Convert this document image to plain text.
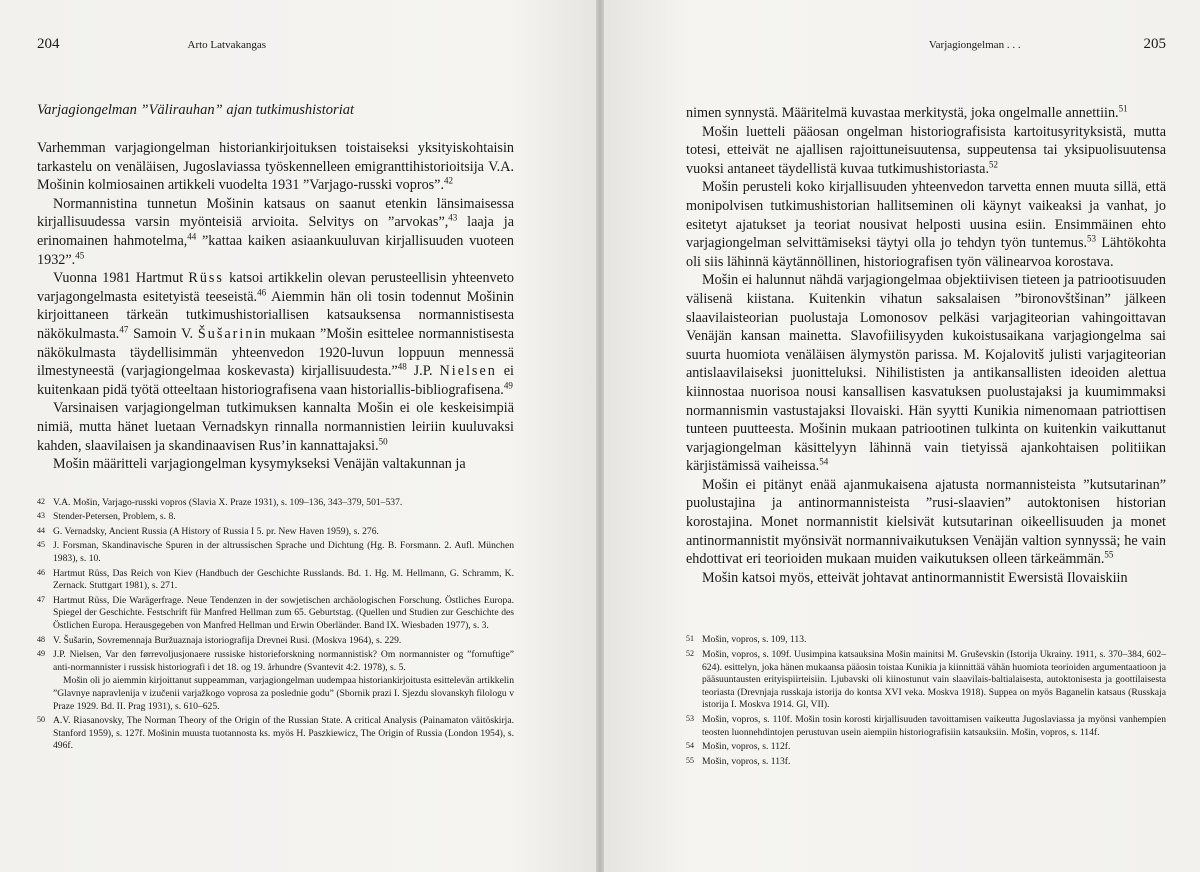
204	Arto Latvakangas
Varjagiongelman ”Välirauhan” ajan tutkimushistoriat

Varhemman varjagiongelman historiankirjoituksen toistaiseksi yksityiskohtaisin tarkastelu on venäläisen, Jugoslaviassa työskennelleen emigranttihistorioitsija V.A. Mošinin kolmiosainen artikkeli vuodelta 1931 ”Varjago-russki vopros”.$^{42}$

Normannistina tunnetun Mošinin katsaus on saanut etenkin länsimaisessa kirjallisuudessa varsin myönteisiä arvioita. Selvitys on ”arvokas”,$^{43}$ laaja ja erinomainen hahmotelma,$^{44}$ ”kattaa kaiken asiaankuuluvan kirjallisuuden vuoteen 1932”.$^{45}$

Vuonna 1981 Hartmut Rüss katsoi artikkelin olevan perusteellisin yhteenveto varjagongelmasta esitetyistä teeseistä.$^{46}$ Aiemmin hän oli tosin todennut Mošinin kirjoittaneen tärkeän tutkimushistoriallisen katsauksensa normannistisesta näkökulmasta.$^{47}$ Samoin V. Šušarinin mukaan ”Mošin esittelee normannistisesta näkökulmasta täydellisimmän yhteenvedon 1920-luvun loppuun mennessä ilmestyneestä (varjagiongelmaa koskevasta) kirjallisuudesta.”$^{48}$ J.P. Nielsen ei kuitenkaan pidä työtä otteeltaan historiografisena vaan historiallis-bibliografisena.$^{49}$

Varsinaisen varjagiongelman tutkimuksen kannalta Mošin ei ole keskeisimpiä nimiä, mutta hänet luetaan Vernadskyn rinnalla normannistien leiriin kuuluvaksi kahden, slaavilaisen ja skandinaavisen Rus’in kannattajaksi.$^{50}$

Mošin määritteli varjagiongelman kysymykseksi Venäjän valtakunnan ja

42 V.A. Mošin, Varjago-russki vopros (Slavia X. Praze 1931), s. 109–136, 343–379, 501–537.
43 Stender-Petersen, Problem, s. 8.
44 G. Vernadsky, Ancient Russia (A History of Russia I 5. pr. New Haven 1959), s. 276.
45 J. Forsman, Skandinavische Spuren in der altrussischen Sprache und Dichtung (Hg. B. Forsmann. 2. Aufl. München 1983), s. 10.
46 Hartmut Rüss, Das Reich von Kiev (Handbuch der Geschichte Russlands. Bd. 1. Hg. M. Hellmann, G. Schramm, K. Zernack. Stuttgart 1981), s. 271.
47 Hartmut Rüss, Die Warägerfrage. Neue Tendenzen in der sowjetischen archäologischen Forschung. Östliches Europa. Spiegel der Geschichte. Festschrift für Manfred Hellman zum 65. Geburtstag. (Quellen und Studien zur Geschichte des Östlichen Europa. Herausgegeben von Manfred Hellman und Erwin Oberländer. Band IX. Wiesbaden 1977), s. 3.
48 V. Šušarin, Sovremennaja Buržuaznaja istoriografija Drevnei Rusi. (Moskva 1964), s. 229.
49 J.P. Nielsen, Var den førrevoljusjonaere russiske historieforskning normannistisk? Om normannister og ”fornuftige” anti-normannister i russisk historiografi i det 18. og 19. århundre (Svantevit 4:2. 1978), s. 5.
Mošin oli jo aiemmin kirjoittanut suppeamman, varjagiongelman uudempaa historiankirjoitusta esittelevän artikkelin ”Glavnye napravlenija v izučenii varjažkogo voprosa za poslednie godu” (Sbornik prazi I. Sjezdu slovanskyh filologu v Praze 1929. Bd. II. Prag 1931), s. 610–625.
50 A.V. Riasanovsky, The Norman Theory of the Origin of the Russian State. A critical Analysis (Painamaton väitöskirja. Stanford 1959), s. 127f. Mošinin muusta tuotannosta ks. myös H. Paszkiewicz, The Origin of Russia (London 1954), s. 496f.
Varjagiongelman . . .	205

nimen synnystä. Määritelmä kuvastaa merkitystä, joka ongelmalle annettiin.$^{51}$

Mošin luetteli pääosan ongelman historiografisista kartoitusyrityksistä, mutta totesi, etteivät ne ajallisen rajoittuneisuutensa, suppeutensa tai yksipuolisuutensa vuoksi antaneet täydellistä kuvaa tutkimushistoriasta.$^{52}$

Mošin perusteli koko kirjallisuuden yhteenvedon tarvetta ennen muuta sillä, että monipolvisen tutkimushistorian hallitseminen oli käynyt vaikeaksi ja vanhat, jo esitetyt ajatukset ja teoriat nousivat helposti uusina esiin. Ensimmäinen ehto varjagiongelman selvittämiseksi täytyi olla jo tehdyn työn tuntemus.$^{53}$ Lähtökohta oli siis lähinnä käytännöllinen, historiografisen työn välinearvoa korostava.

Mošin ei halunnut nähdä varjagiongelmaa objektiivisen tieteen ja patriootisuuden välisenä kiistana. Kuitenkin vihatun saksalaisen ”bironovštšinan” jälkeen slaavilaisteorian puolustaja Lomonosov pelkäsi varjagiteorian vahingoittavan Venäjän kansan mainetta. Slavofiilisyyden kukoistusaikana varjagiongelma sai suurta huomiota venäläisen älymystön parissa. M. Kojalovitš julisti varjagiteorian antislaavilaiseksi juonitteluksi. Nihilististen ja antikansallisten ideoiden alettua kiinnostaa nuorisoa nousi kansallisen kasvatuksen puolustajaksi ja kuumimmaksi normannismin vastustajaksi Ilovaiski. Hän syytti Kunikia nimenomaan patriottisen tunteen puutteesta. Mošinin mukaan patriootinen tulkinta on kuitenkin vaikuttanut varjagiongelman käsittelyyn lähinnä vain tietyissä ajankohtaisen politiikan kärjistämissä vaiheissa.$^{54}$

Mošin ei pitänyt enää ajanmukaisena ajatusta normannisteista ”kutsutarinan” puolustajina ja antinormannisteista ”rusi-slaavien” autoktonisen historian korostajina. Monet normannistit kielsivät kutsutarinan oikeellisuuden ja monet antinormannistit myönsivät normannivaikutuksen Venäjän valtion synnyssä; he vain ehdottivat eri teorioiden mukaan muiden vaikutuksen olleen tärkeämmän.$^{55}$

Mošin katsoi myös, etteivät johtavat antinormannistit Ewersistä Ilovaiskiin

51 Mošin, vopros, s. 109, 113.
52 Mošin, vopros, s. 109f. Uusimpina katsauksina Mošin mainitsi M. Gruševskin (Istorija Ukrainy. 1911, s. 370–384, 602–624). esittelyn, joka hänen mukaansa pääosin toistaa Kunikia ja kiinnittää vähän huomiota teorioiden argumentaatioon ja pääsuuntausten erityispiirteisiin. Ljubavski oli kiinostunut vain slaavilais-baltialaisesta, autoktonisesta ja goottilaisesta teoriasta (Drevnjaja russkaja istorija do kontsa XVI veka. Moskva 1918). Suppea on myös Baganelin katsaus (Russkaja istorija I. Moskva 1914. Gl, VII).
53 Mošin, vopros, s. 110f. Mošin tosin korosti kirjallisuuden tavoittamisen vaikeutta Jugoslaviassa ja myönsi vanhempien teosten luonnehdintojen perustuvan usein aiempiin historiografisiin katsauksiin. Mošin, vopros, s. 114f.
54 Mošin, vopros, s. 112f.
55 Mošin, vopros, s. 113f.
